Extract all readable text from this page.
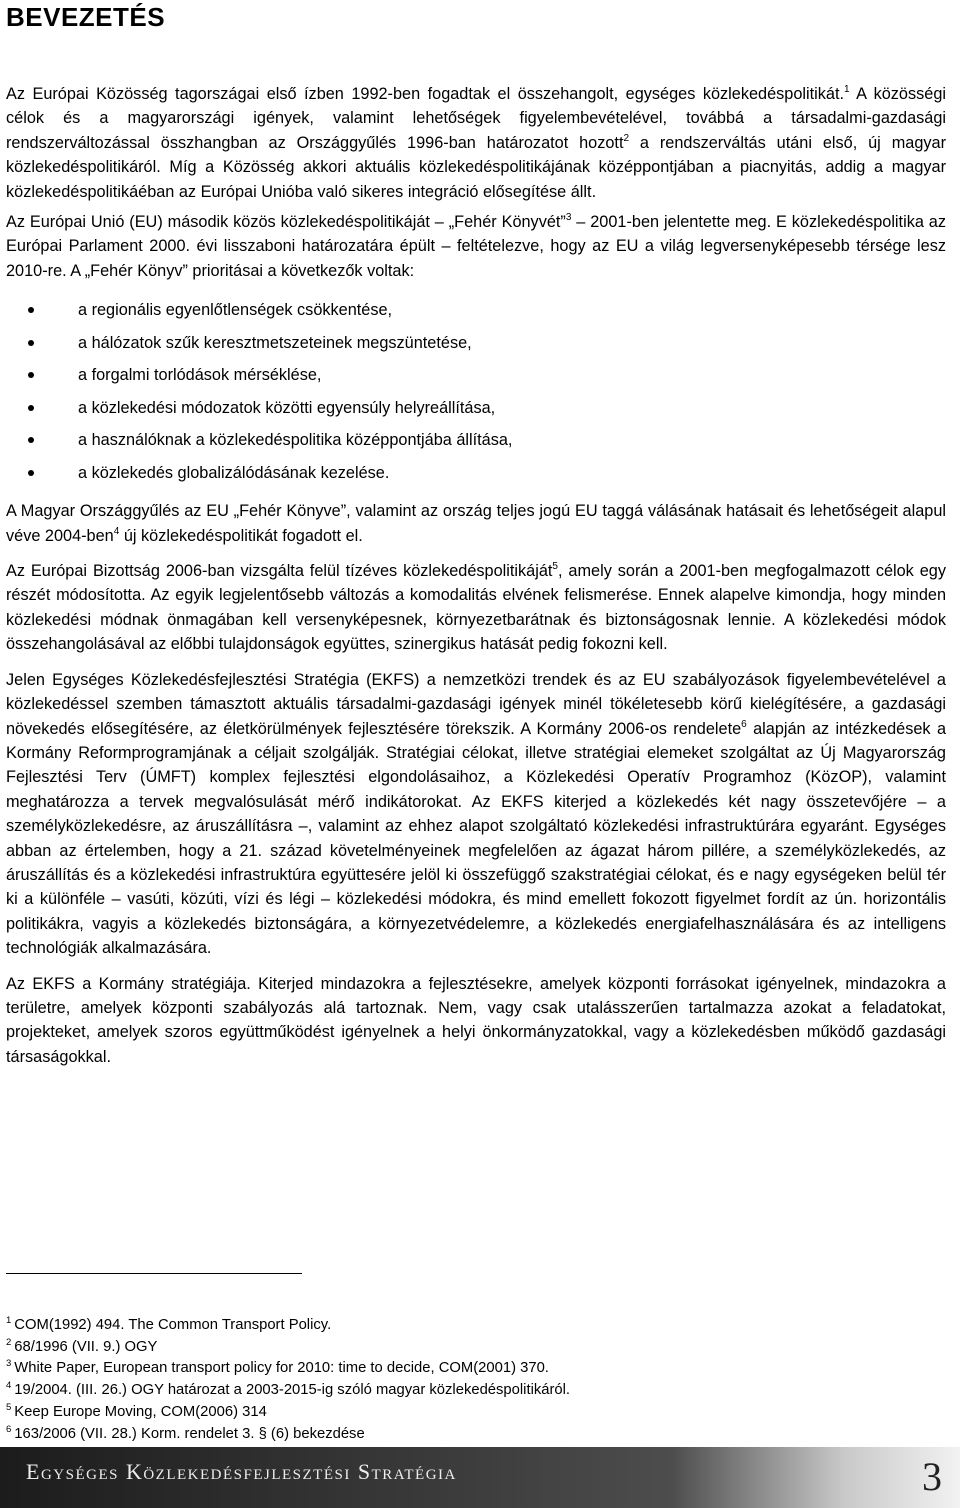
BEVEZETÉS

Az Európai Közösség tagországai első ízben 1992-ben fogadtak el összehangolt, egységes közlekedéspolitikát.$^1$ A közösségi célok és a magyarországi igények, valamint lehetőségek figyelembevételével, továbbá a társadalmi-gazdasági rendszerváltozással összhangban az Országgyűlés 1996-ban határozatot hozott$^2$ a rendszerváltás utáni első, új magyar közlekedéspolitikáról. Míg a Közösség akkori aktuális közlekedéspolitikájának középpontjában a piacnyitás, addig a magyar közlekedéspolitikáéban az Európai Unióba való sikeres integráció elősegítése állt.

Az Európai Unió (EU) második közös közlekedéspolitikáját – „Fehér Könyvét”$^3$ – 2001-ben jelentette meg. E közlekedéspolitika az Európai Parlament 2000. évi lisszaboni határozatára épült – feltételezve, hogy az EU a világ legversenyképesebb térsége lesz 2010-re. A „Fehér Könyv” prioritásai a következők voltak:

a regionális egyenlőtlenségek csökkentése,
a hálózatok szűk keresztmetszeteinek megszüntetése,
a forgalmi torlódások mérséklése,
a közlekedési módozatok közötti egyensúly helyreállítása,
a használóknak a közlekedéspolitika középpontjába állítása,
a közlekedés globalizálódásának kezelése.

A Magyar Országgyűlés az EU „Fehér Könyve”, valamint az ország teljes jogú EU taggá válásának hatásait és lehetőségeit alapul véve 2004-ben$^4$ új közlekedéspolitikát fogadott el.

Az Európai Bizottság 2006-ban vizsgálta felül tízéves közlekedéspolitikáját$^5$, amely során a 2001-ben megfogalmazott célok egy részét módosította. Az egyik legjelentősebb változás a komodalitás elvének felismerése. Ennek alapelve kimondja, hogy minden közlekedési módnak önmagában kell versenyképesnek, környezetbarátnak és biztonságosnak lennie. A közlekedési módok összehangolásával az előbbi tulajdonságok együttes, szinergikus hatását pedig fokozni kell.

Jelen Egységes Közlekedésfejlesztési Stratégia (EKFS) a nemzetközi trendek és az EU szabályozások figyelembevételével a közlekedéssel szemben támasztott aktuális társadalmi-gazdasági igények minél tökéletesebb körű kielégítésére, a gazdasági növekedés elősegítésére, az életkörülmények fejlesztésére törekszik. A Kormány 2006-os rendelete$^6$ alapján az intézkedések a Kormány Reformprogramjának a céljait szolgálják. Stratégiai célokat, illetve stratégiai elemeket szolgáltat az Új Magyarország Fejlesztési Terv (ÚMFT) komplex fejlesztési elgondolásaihoz, a Közlekedési Operatív Programhoz (KözOP), valamint meghatározza a tervek megvalósulását mérő indikátorokat. Az EKFS kiterjed a közlekedés két nagy összetevőjére – a személyközlekedésre, az áruszállításra –, valamint az ehhez alapot szolgáltató közlekedési infrastruktúrára egyaránt. Egységes abban az értelemben, hogy a 21. század követelményeinek megfelelően az ágazat három pillére, a személyközlekedés, az áruszállítás és a közlekedési infrastruktúra együttesére jelöl ki összefüggő szakstratégiai célokat, és e nagy egységeken belül tér ki a különféle – vasúti, közúti, vízi és légi – közlekedési módokra, és mind emellett fokozott figyelmet fordít az ún. horizontális politikákra, vagyis a közlekedés biztonságára, a környezetvédelemre, a közlekedés energiafelhasználására és az intelligens technológiák alkalmazására.

Az EKFS a Kormány stratégiája. Kiterjed mindazokra a fejlesztésekre, amelyek központi forrásokat igényelnek, mindazokra a területre, amelyek központi szabályozás alá tartoznak. Nem, vagy csak utalásszerűen tartalmazza azokat a feladatokat, projekteket, amelyek szoros együttműködést igényelnek a helyi önkormányzatokkal, vagy a közlekedésben működő gazdasági társaságokkal.

$^1$ COM(1992) 494. The Common Transport Policy.
$^2$ 68/1996 (VII. 9.) OGY
$^3$ White Paper, European transport policy for 2010: time to decide, COM(2001) 370.
$^4$ 19/2004. (III. 26.) OGY határozat a 2003-2015-ig szóló magyar közlekedéspolitikáról.
$^5$ Keep Europe Moving, COM(2006) 314
$^6$ 163/2006 (VII. 28.) Korm. rendelet 3. § (6) bekezdése
Egységes Közlekedésfejlesztési Stratégia	3
